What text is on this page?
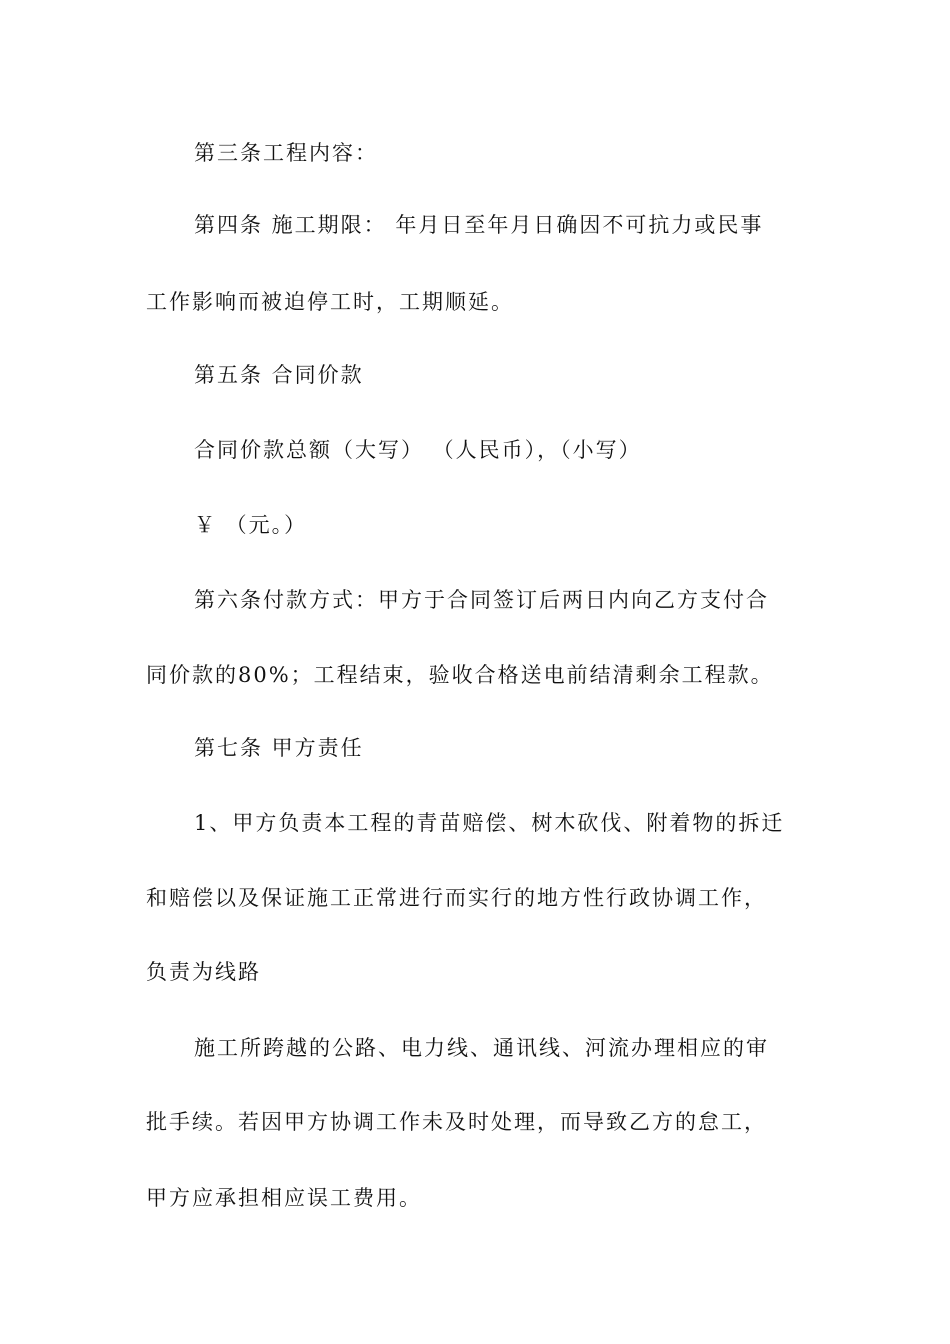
第三条工程内容：
第四条 施工期限： 年月日至年月日确因不可抗力或民事
工作影响而被迫停工时，工期顺延。
第五条 合同价款
合同价款总额（大写） （人民币），（小写）
￥ （元。）
第六条付款方式：甲方于合同签订后两日内向乙方支付合
同价款的80%；工程结束，验收合格送电前结清剩余工程款。
第七条 甲方责任
1、甲方负责本工程的青苗赔偿、树木砍伐、附着物的拆迁
和赔偿以及保证施工正常进行而实行的地方性行政协调工作，
负责为线路
施工所跨越的公路、电力线、通讯线、河流办理相应的审
批手续。若因甲方协调工作未及时处理，而导致乙方的怠工，
甲方应承担相应误工费用。
